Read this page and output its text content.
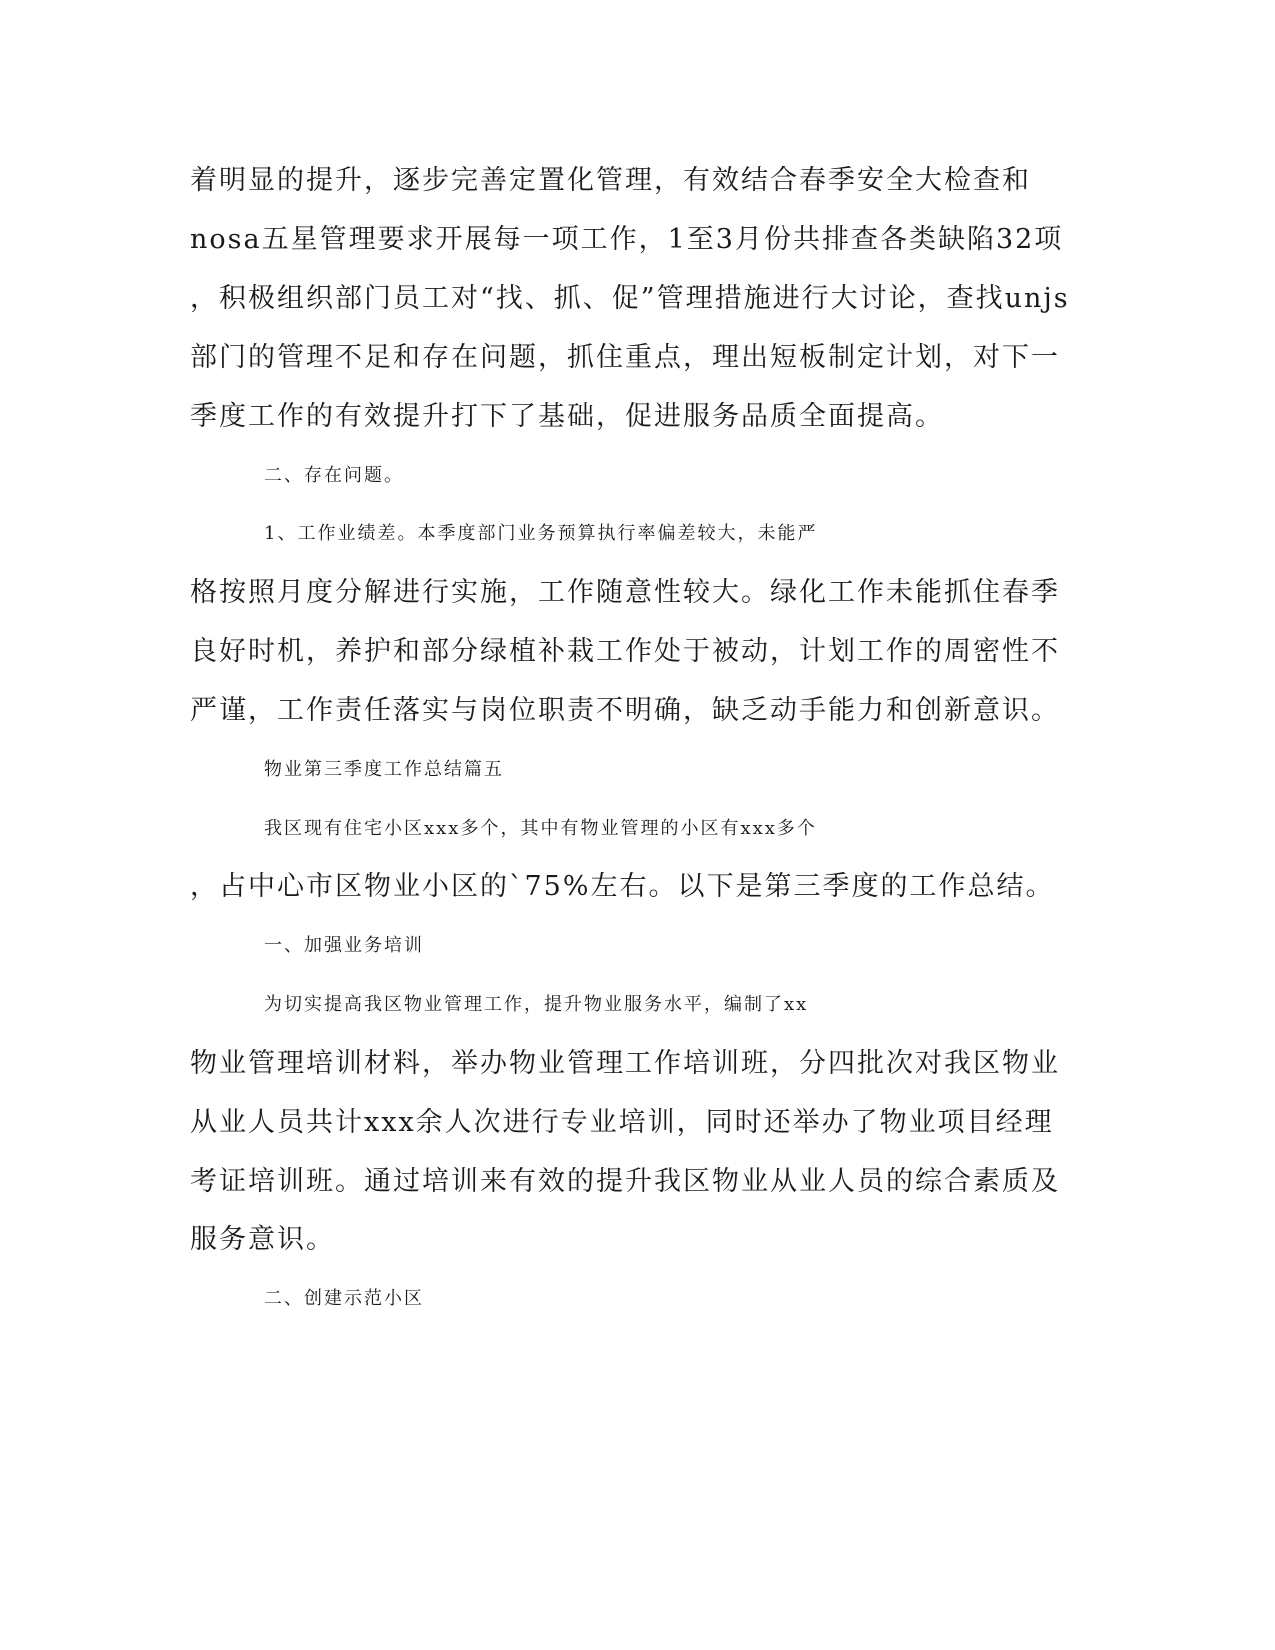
着明显的提升，逐步完善定置化管理，有效结合春季安全大检查和

nosa五星管理要求开展每一项工作，1至3月份共排查各类缺陷32项

，积极组织部门员工对“找、抓、促”管理措施进行大讨论，查找unjs

部门的管理不足和存在问题，抓住重点，理出短板制定计划，对下一

季度工作的有效提升打下了基础，促进服务品质全面提高。

二、存在问题。

1、工作业绩差。本季度部门业务预算执行率偏差较大，未能严

格按照月度分解进行实施，工作随意性较大。绿化工作未能抓住春季

良好时机，养护和部分绿植补栽工作处于被动，计划工作的周密性不

严谨，工作责任落实与岗位职责不明确，缺乏动手能力和创新意识。

物业第三季度工作总结篇五

我区现有住宅小区xxx多个，其中有物业管理的小区有xxx多个

，占中心市区物业小区的`75%左右。以下是第三季度的工作总结。

一、加强业务培训

为切实提高我区物业管理工作，提升物业服务水平，编制了xx

物业管理培训材料，举办物业管理工作培训班，分四批次对我区物业

从业人员共计xxx余人次进行专业培训，同时还举办了物业项目经理

考证培训班。通过培训来有效的提升我区物业从业人员的综合素质及

服务意识。

二、创建示范小区
